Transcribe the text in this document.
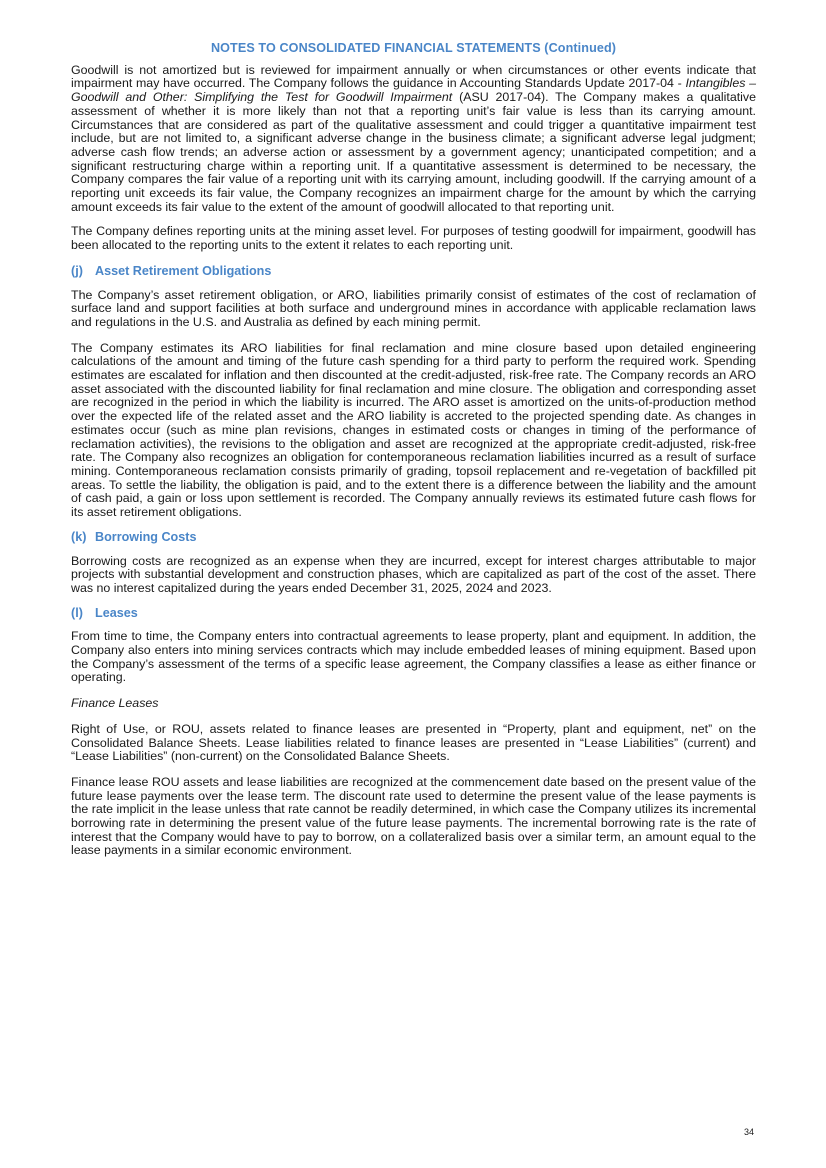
NOTES TO CONSOLIDATED FINANCIAL STATEMENTS (Continued)

Goodwill is not amortized but is reviewed for impairment annually or when circumstances or other events indicate that impairment may have occurred. The Company follows the guidance in Accounting Standards Update 2017-04 - Intangibles – Goodwill and Other: Simplifying the Test for Goodwill Impairment (ASU 2017-04). The Company makes a qualitative assessment of whether it is more likely than not that a reporting unit’s fair value is less than its carrying amount. Circumstances that are considered as part of the qualitative assessment and could trigger a quantitative impairment test include, but are not limited to, a significant adverse change in the business climate; a significant adverse legal judgment; adverse cash flow trends; an adverse action or assessment by a government agency; unanticipated competition; and a significant restructuring charge within a reporting unit. If a quantitative assessment is determined to be necessary, the Company compares the fair value of a reporting unit with its carrying amount, including goodwill. If the carrying amount of a reporting unit exceeds its fair value, the Company recognizes an impairment charge for the amount by which the carrying amount exceeds its fair value to the extent of the amount of goodwill allocated to that reporting unit.

The Company defines reporting units at the mining asset level. For purposes of testing goodwill for impairment, goodwill has been allocated to the reporting units to the extent it relates to each reporting unit.

(j) Asset Retirement Obligations

The Company’s asset retirement obligation, or ARO, liabilities primarily consist of estimates of the cost of reclamation of surface land and support facilities at both surface and underground mines in accordance with applicable reclamation laws and regulations in the U.S. and Australia as defined by each mining permit.

The Company estimates its ARO liabilities for final reclamation and mine closure based upon detailed engineering calculations of the amount and timing of the future cash spending for a third party to perform the required work. Spending estimates are escalated for inflation and then discounted at the credit-adjusted, risk-free rate. The Company records an ARO asset associated with the discounted liability for final reclamation and mine closure. The obligation and corresponding asset are recognized in the period in which the liability is incurred. The ARO asset is amortized on the units-of-production method over the expected life of the related asset and the ARO liability is accreted to the projected spending date. As changes in estimates occur (such as mine plan revisions, changes in estimated costs or changes in timing of the performance of reclamation activities), the revisions to the obligation and asset are recognized at the appropriate credit-adjusted, risk-free rate. The Company also recognizes an obligation for contemporaneous reclamation liabilities incurred as a result of surface mining. Contemporaneous reclamation consists primarily of grading, topsoil replacement and re-vegetation of backfilled pit areas. To settle the liability, the obligation is paid, and to the extent there is a difference between the liability and the amount of cash paid, a gain or loss upon settlement is recorded. The Company annually reviews its estimated future cash flows for its asset retirement obligations.

(k) Borrowing Costs

Borrowing costs are recognized as an expense when they are incurred, except for interest charges attributable to major projects with substantial development and construction phases, which are capitalized as part of the cost of the asset. There was no interest capitalized during the years ended December 31, 2025, 2024 and 2023.

(l) Leases

From time to time, the Company enters into contractual agreements to lease property, plant and equipment. In addition, the Company also enters into mining services contracts which may include embedded leases of mining equipment. Based upon the Company’s assessment of the terms of a specific lease agreement, the Company classifies a lease as either finance or operating.

Finance Leases

Right of Use, or ROU, assets related to finance leases are presented in “Property, plant and equipment, net” on the Consolidated Balance Sheets. Lease liabilities related to finance leases are presented in “Lease Liabilities” (current) and “Lease Liabilities” (non-current) on the Consolidated Balance Sheets.

Finance lease ROU assets and lease liabilities are recognized at the commencement date based on the present value of the future lease payments over the lease term. The discount rate used to determine the present value of the lease payments is the rate implicit in the lease unless that rate cannot be readily determined, in which case the Company utilizes its incremental borrowing rate in determining the present value of the future lease payments. The incremental borrowing rate is the rate of interest that the Company would have to pay to borrow, on a collateralized basis over a similar term, an amount equal to the lease payments in a similar economic environment.

34
